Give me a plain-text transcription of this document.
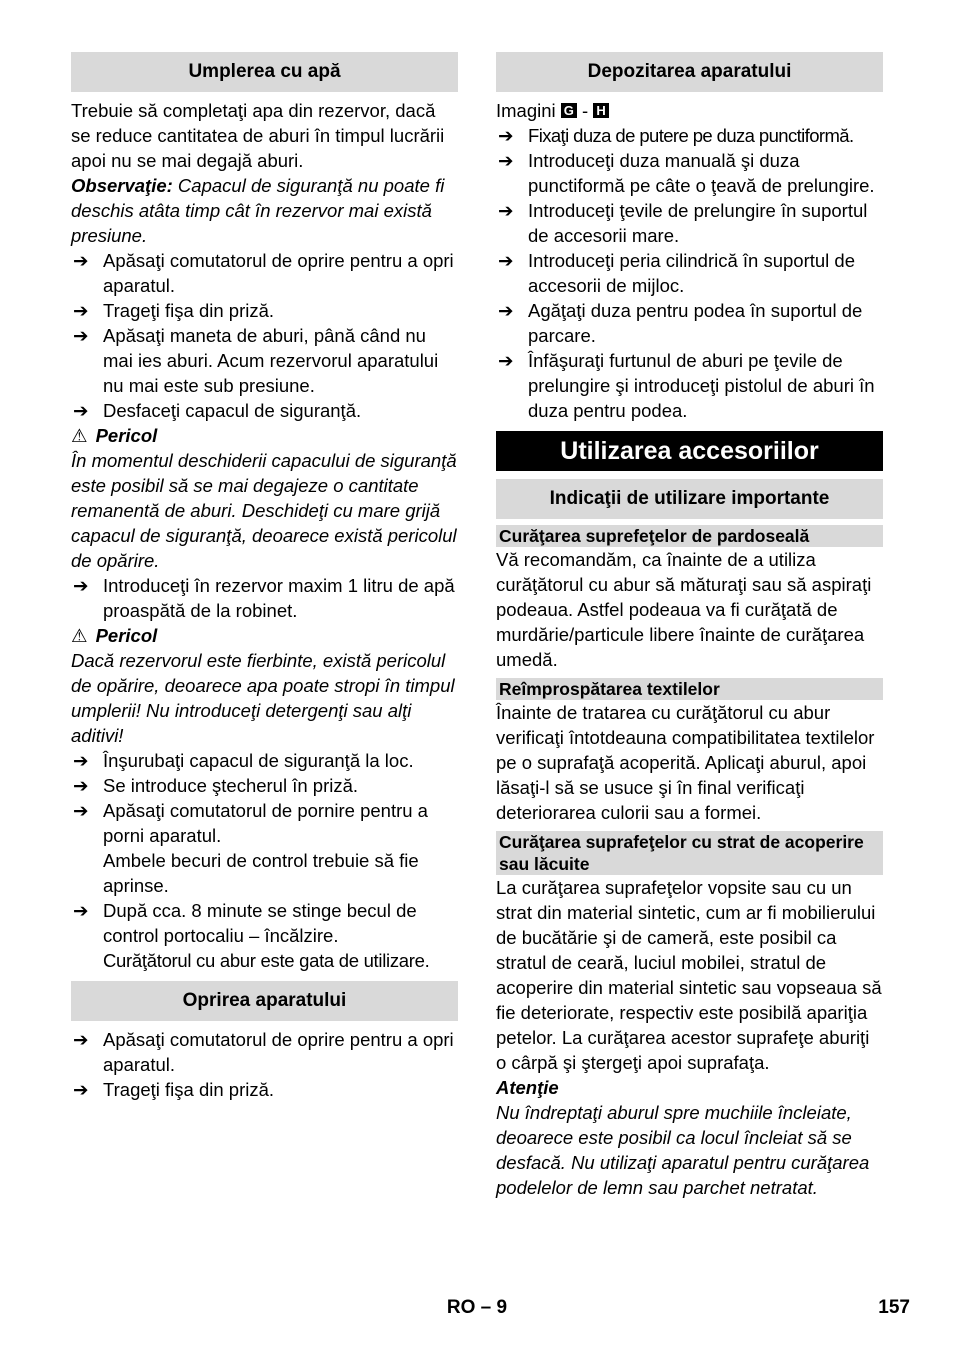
Umplerea cu apă

Trebuie să completaţi apa din rezervor, dacă se reduce cantitatea de aburi în timpul lucrării apoi nu se mai degajă aburi.

Observaţie: Capacul de siguranţă nu poate fi deschis atâta timp cât în rezervor mai există presiune.

➔ Apăsaţi comutatorul de oprire pentru a opri aparatul.
➔ Trageţi fişa din priză.
➔ Apăsaţi maneta de aburi, până când nu mai ies aburi. Acum rezervorul aparatului nu mai este sub presiune.
➔ Desfaceţi capacul de siguranţă.
⚠ Pericol

În momentul deschiderii capacului de siguranţă este posibil să se mai degajeze o cantitate remanentă de aburi. Deschideţi cu mare grijă capacul de siguranţă, deoarece există pericolul de opărire.

➔ Introduceţi în rezervor maxim 1 litru de apă proaspătă de la robinet.
⚠ Pericol

Dacă rezervorul este fierbinte, există pericolul de opărire, deoarece apa poate stropi în timpul umplerii! Nu introduceţi detergenţi sau alţi aditivi!

➔ Înşurubaţi capacul de siguranţă la loc.
➔ Se introduce ştecherul în priză.
➔ Apăsaţi comutatorul de pornire pentru a porni aparatul.

Ambele becuri de control trebuie să fie aprinse.

➔ După cca. 8 minute se stinge becul de control portocaliu – încălzire.

Curăţătorul cu abur este gata de utilizare.

Oprirea aparatului
➔ Apăsaţi comutatorul de oprire pentru a opri aparatul.
➔ Trageţi fişa din priză.
Depozitarea aparatului

Imagini G - H

➔ Fixaţi duza de putere pe duza punctiformă.
➔ Introduceţi duza manuală şi duza punctiformă pe câte o ţeavă de prelungire.
➔ Introduceţi ţevile de prelungire în suportul de accesorii mare.
➔ Introduceţi peria cilindrică în suportul de accesorii de mijloc.
➔ Agăţaţi duza pentru podea în suportul de parcare.
➔ Înfăşuraţi furtunul de aburi pe ţevile de prelungire şi introduceţi pistolul de aburi în duza pentru podea.
Utilizarea accesoriilor
Indicaţii de utilizare importante
Curăţarea suprefeţelor de pardoseală

Vă recomandăm, ca înainte de a utiliza curăţătorul cu abur să măturaţi sau să aspiraţi podeaua. Astfel podeaua va fi curăţată de murdărie/particule libere înainte de curăţarea umedă.

Reîmprospătarea textilelor

Înainte de tratarea cu curăţătorul cu abur verificaţi întotdeauna compatibilitatea textilelor pe o suprafaţă acoperită. Aplicaţi aburul, apoi lăsaţi-l să se usuce şi în final verificaţi deteriorarea culorii sau a formei.

Curăţarea suprafeţelor cu strat de acoperire sau lăcuite

La curăţarea suprafeţelor vopsite sau cu un strat din material sintetic, cum ar fi mobilierului de bucătărie şi de cameră, este posibil ca stratul de ceară, luciul mobilei, stratul de acoperire din material sintetic sau vopseaua să fie deteriorate, respectiv este posibilă apariţia petelor. La curăţarea acestor suprafeţe aburiţi o cârpă şi ştergeţi apoi suprafaţa.

Atenţie

Nu îndreptaţi aburul spre muchiile încleiate, deoarece este posibil ca locul încleiat să se desfacă. Nu utilizaţi aparatul pentru curăţarea podelelor de lemn sau parchet netratat.

RO – 9	157
